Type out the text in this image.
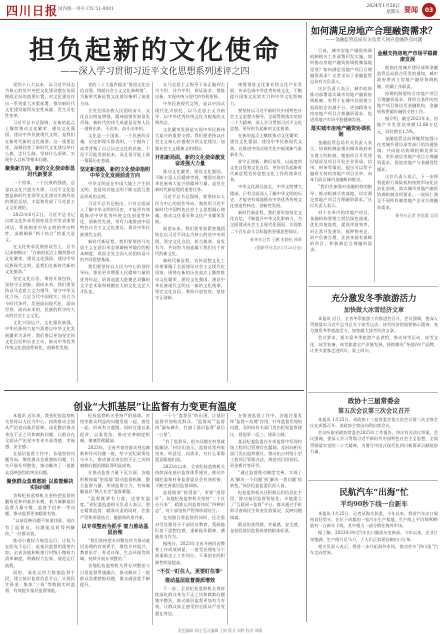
四川日报 国内统一刊号 CN 51-0001
2024年1月26日
星期五 要闻	03
担负起新的文化使命
——深入学习贯彻习近平文化思想系列述评之四
党的十八大以来，以习近平同志为核心的党中央把文化建设摆在治国理政全局的重要位置，对文化建设作出一系列重大决策部署，推动新时代文化建设取得历史性成就、发生历史性变革。
习近平总书记强调，在新的起点上继续推动文化繁荣、建设文化强国、建设中华民族现代文明，是我们在新时代新的文化使命。这一重要论述，深刻回答了新时代文化建设举什么旗、走什么路、坚持什么原则、实现什么目标等根本问题。
聚焦新方向，新的文化使命彰显时代新要求
一个国家、一个民族的强盛，总是以文化兴盛为支撑。习近平文化思想是新时代党领导文化建设实践经验的理论总结，丰富和发展了马克思主义文化理论。
2023年6月2日，习近平总书记出席文化传承发展座谈会并发表重要讲话，系统阐述中华文明的突出特性，深刻阐释“两个结合”的重大意义。
在文化传承发展座谈会上，总书记深刻指出：“在新的起点上继续推动文化繁荣、建设文化强国、建设中华民族现代文明，是我们在新时代新的文化使命。”
坚定文化自信，秉持开放包容，坚持守正创新。面向未来，我们要坚持以马克思主义为指导，坚守中华文化立场，立足当代中国现实，结合当今时代条件，发展面向现代化、面向世界、面向未来的，民族的科学的大众的社会主义文化。
文化兴国运兴，文化强民族强。中华民族伟大复兴需要以中华文化发展繁荣为条件。我们要以更加坚定的文化自信和历史主动，推动中华优秀传统文化创造性转化、创新性发展。
党的二十大报告提出“推进文化自信自强，铸就社会主义文化新辉煌”，为新时代新征程文化建设指明了前进方向。
全党全国各族人民团结奋斗，文化自信明显增强，精神面貌更加奋发昂扬。新时代的伟大成就是党和人民一道拼出来、干出来、奋斗出来的。
文化是一个国家、一个民族的灵魂。历史和现实都表明，一个抛弃了或者背叛了自己历史文化的民族，不仅不可能发展起来，而且很可能上演一幕幕历史悲剧。
坚定新道路，新的文化使命指明中华文化发展前进方向
中华文明是在中国大地上产生的文明，也是同其他文明不断交流互鉴而形成的文明。
习近平总书记指出，只有全面深入了解中华文明的历史，才能更有效地推动中华优秀传统文化创造性转化、创新性发展，更有力地推进中国特色社会主义文化建设，建设中华民族现代文明。
新时代新征程，我们要坚持马克思主义在意识形态领域指导地位的根本制度，巩固全党全国人民团结奋斗的共同思想基础。
我们要坚持以人民为中心的创作导向，推出更多增强人民精神力量的优秀作品，培育造就大批德艺双馨的文学艺术家和规模宏大的文化文艺人才队伍。
在马克思主义指导下真正做到古为今用、洋为中用、辩证取舍、推陈出新，实现传统与现代的有机衔接。
中华民族现代文明，是以中国式现代化为依托、以马克思主义为指导、以中华优秀传统文化为根基的文明形态。
文化繁荣发展是实现中华民族伟大复兴的重要支撑。我们要坚持以社会主义核心价值观引领文化建设，加强社会主义精神文明建设。
开拓新局面，新的文化使命激发奋进强大力量
推动文化繁荣，建设文化强国，不断丰富人民精神世界，增强实现中华民族伟大复兴的精神力量，是党在新时代新征程的重要任务。
习近平总书记强调，要坚持以人民为中心的创作导向，聚焦用习近平新时代中国特色社会主义思想凝心铸魂，推动文化事业和文化产业繁荣发展。
展望未来，我们要更加紧密地团结在以习近平同志为核心的党中央周围，坚定文化自信，担当使命、奋发有为，共同努力创造属于我们这个时代的新文化。
新时代新征程，宣传思想文化工作要着眼于全面建设社会主义现代化国家，围绕在新的历史起点上继续推动文化繁荣、建设文化强国、建设中华民族现代文明这一新的文化使命，坚定文化自信，秉持开放包容，坚持守正创新。
统筹推进文化事业和文化产业发展，传承弘扬中华优秀传统文化，不断提升国家文化软实力和中华文化影响力。
要坚持以习近平新时代中国特色社会主义思想为指导，全面贯彻落实党的二十大精神，深入学习贯彻习近平文化思想，更好担负起新的文化使命。
在新的起点上继续推动文化繁荣、建设文化强国、建设中华民族现代文明，在推进中国式现代化中展现新气象新作为。
要守正创新、踔厉奋发，以高度的文化自觉和文化自信，更好肩负起新时代新征程宣传思想文化工作的使命任务。
中华文化源远流长，中华文明博大精深。只有全面深入了解中华文明的历史，才能更有效地推动中华优秀传统文化创造性转化、创新性发展。
新时代新征程，我们要更加坚定文化自信，不断提升中华文化影响力，为全面建成社会主义现代化强国、实现第二个百年奋斗目标提供坚强思想保证。
新华社记者 王鹏 张晓松 林晖
(据新华社北京1月25日电)
如何满足房地产合理融资需求？
——金融监管总局有关负责人回应金融热点问题
日前，城市房地产融资协调机制相关工作部署印发实施。如何推动房地产融资协调机制落地见效？如何满足房地产项目合理融资需求？记者采访了金融监管总局有关负责人。
这位负责人表示，城市政府推动部署落实城市房地产融资协调机制，有利于在城市层面建立起政银企沟通平台，更加精准支持房地产项目合理融资需求，促进房地产市场平稳健康发展。
落实城市房地产融资协调机制
金融监管总局有关负责人表示，协调机制是指由城市政府牵头建立的机制，根据项目开发建设情况及项目开发企业资质、信用、财务等情况，提出可以给予融资支持的房地产项目名单，向本行政区域内金融机构推送。
“我们会加强对金融机构的指导，推动机制尽快落地，切实满足房地产项目合理融资需求。”这位负责人表示。
对于名单内的房地产项目，金融机构要建立授信绿色通道，优化审批流程，提高审批效率，对正常开发建设、抵押物充足、资产负债合理、还款来源有保障的项目，积极满足合理融资需求。
金融支持房地产市场平稳健康发展
根据住房城乡建设部和金融监管总局联合印发的通知，城市政府要成立房地产融资协调机制，明确工作职责。
协调机制要结合房地产项目合理融资需求，将符合条件的房地产项目推送至金融机构，金融机构要做好融资支持工作。
据介绍，截至2023年末，房地产开发贷款余额12.88万亿元，同比增长1.5%。
金融监管总局将继续加强与住房城乡建设部等部门的沟通协调，共同推动协调机制发挥实效，更好满足房地产项目合理融资需求，促进房地产与金融良性循环。
这位负责人表示，下一步将督促银行保险机构按照市场化法治化原则，落实城市房地产融资协调机制各项要求，一视同仁满足不同所有制房地产企业合理融资需求。
新华社记者 李延霞 吴雨
充分激发冬季旅游活力
加快做大冰雪经济文章
本报讯 近日，全省冬季旅游工作推进会召开，会议强调，要深入贯彻落实习近平总书记关于冰雪运动、冰雪经济的重要指示精神，充分激发冬季旅游活力，加快做大冰雪经济文章。
会议要求，要丰富冬季旅游产品供给，推动冰雪运动、冰雪文化、冰雪装备、冰雪旅游全产业链发展，持续擦亮“冬游四川”品牌，让更多游客走进四川、爱上四川。
政协十三届常委会
第五次会议第三次会议召开
本报讯 1月25日，省政协十三届常委会第五次会议第三次全体会议在成都召开。省政协主席田向利出席会议。
会议听取省政协常委会2023年工作报告，审议有关决议草案。会议强调，要深入学习贯彻习近平新时代中国特色社会主义思想，全面贯彻落实党的二十大精神，为谱写中国式现代化四川新篇章贡献政协力量。
民航汽车“出海”忙
平均90秒下线一台新车
本报讯 1月25日，记者从海关获悉，今年以来，我省汽车出口保持良好势头。在位于成都的一家汽车生产基地，生产线上平均每90秒就有一台新车下线，其中相当一部分销往海外市场。
据了解，2023年四川汽车出口量创历史新高。今年以来，企业订单饱满，生产线开足马力，工人们正加紧赶制出口订单。
相关负责人表示，将进一步开拓海外市场，推动更多“四川造”汽车走向世界。
创业“大抓基层”让监督有力变更有温度
本报讯 近年来，我省纪检监察机关坚持以人民为中心，持续推动全面从严治党向基层延伸，深化整治群众身边不正之风和腐败问题，让群众在全面从严治党中有更多获得感、幸福感、安全感。
在基层监督工作中，各地坚持问题导向，聚焦群众急难愁盼问题，扎实开展专项整治，推动解决了一批群众反映强烈的突出问题。
聚焦群众急难愁盼 以监督解决实际问题
各级纪检监察机关坚持把监督的触角延伸到基层末梢，着力破解基层监督力量分散、监督手段单一等问题，推动监督更加精准有效。
“以前反映问题不知道找谁，现在有了监督员，问题能及时得到解决。”一位群众说。
推动小微权力规范运行，让权力在阳光下运行，是基层监督的重要内容。全省各地积极推行村级小微权力清单制度，明确权力边界，规范运行流程。
同时，深化运用大数据监督手段，建立基层监督信息平台，实现民生资金、集体“三资”等数据实时监督，有效提升基层监督效能。
纪检监察机关坚持严的基调，对侵害群众利益的问题发现一起、查处一起，形成有力震慑。同时注重以案促改、以案促治，推动完善制度机制，堵塞管理漏洞。
2023年，全省共查处群众身边腐败和作风问题一批，给予党纪政务处分多人，推动群众身边的不正之风和腐败问题治理取得明显成效。
在推动监督力量下沉方面，各地积极探索“室组地”联动监督机制，整合监督力量，形成监督合力，有效破解基层“熟人社会”监督难题。
“监督既要有力度，也要有温度。”省纪委监委相关负责人表示，要在精准监督、精准问责的同时，注重严管和厚爱结合、激励和约束并重。
以专项整治为抓手 着力推动基层治理
“我们坚持把专项整治作为推动基层治理的有效抓手，聚焦乡村振兴、教育医疗、养老社保、生态环保等领域，持续开展专项整治。”
各地纪检监察机关将专项整治与日常监督贯通融合，推动解决了一批群众急难愁盼问题，群众满意度不断提升。
一个个“监督员”的出现，让基层监督更加贴近群众。“监督站”“监督岗”遍布城乡，打通了基层监督“最后一公里”。
“有了监督员，很多问题在村里就能解决。”村民们表示，监督员常到家里来，听意见、问需求，有什么事都愿意跟他们说。
2023年以来，全省纪检监察机关持续深化基层监督体系建设，推动乡镇纪委和村务监督委员会有效衔接，不断完善基层监督网络。
监督既要“抓得准”，更要“用得好”。各地纪检监察机关坚持“三个区分开来”，精准运用监督执纪“四种形态”，对干部坚持严管和厚爱结合。
在加强日常监督的同时，还注重对受处理处分干部回访教育，帮助他们放下思想包袱，重新振作精神，激励担当作为。
据统计，2023年全省开展回访教育工作成效明显，一批受处理处分干部重新走上工作岗位，干事创业的积极性明显提高。
“不仅一盯住人，更要盯住事”
推动基层监督提质增效
下一步，全省纪检监察机关将持续深化群众身边不正之风和腐败问题集中整治，推动基层监督更加有力有效，让群众真正感受到全面从严治党就在身边。
在推进监督工作中，各地注重发挥“监督＋治理”作用，针对监督发现的问题，及时向有关部门发出纪检监察建议，督促举一反三、建章立制。
某县纪委监委在专项监督中发现村级工程项目管理存在漏洞，及时向相关部门发出监察建议，推动出台村级小型工程项目管理办法，规范项目招投标、资金拨付等环节。
“通过监督推动制度完善，实现了从‘解决一个问题’到‘解决一类问题’的转变。”该县纪委监委负责人说。
纪检监察机关还积极运用信息化手段，推动基层监督智能化。多地建立了“互联网＋监督”平台，群众通过手机即可查询民生资金发放情况，反映问题线索。
群众的获得感、幸福感、安全感，是检验基层监督成效的根本标准。
责任编辑 刘佳 见习编辑 王婷 版式 刘婷 校对 周敏
